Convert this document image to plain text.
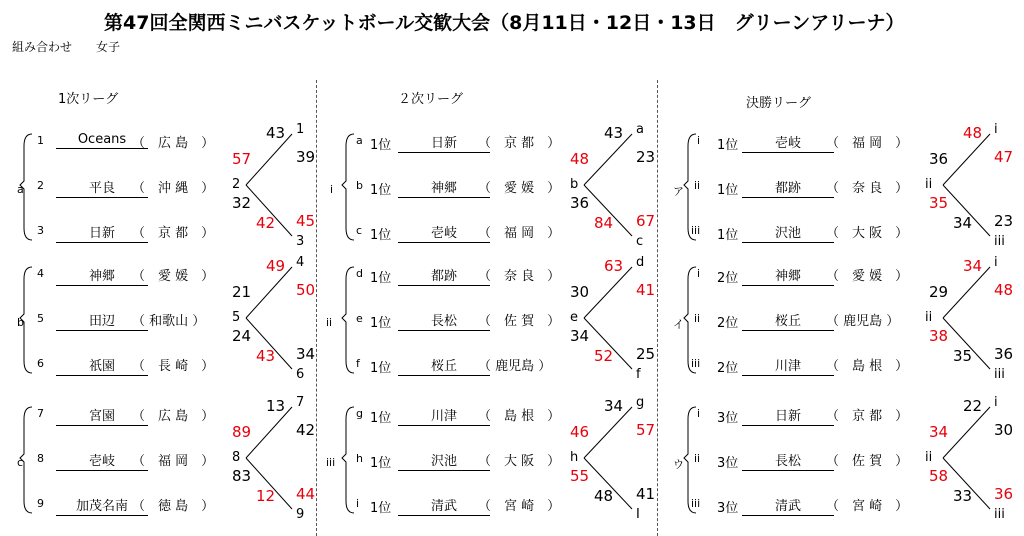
第47回全関西ミニバスケットボール交歓大会（8月11日・12日・13日　グリーンアリーナ）
組み合わせ　　女子
1次リーグ
a
1	Oceans （　広 島　）
2	平良	（　沖 縄　）
3	日新	（　京 都　）
1
2
3
43
39
57
32
42 45
b
4	神郷	（　愛 媛　）
5	田辺	（ 和歌山 ）
6	祇園	（　長 崎　）
4
5
6
49
50
21
24
43 34
c
7	宮園	（　広 島　）
8	壱岐	（　福 岡　）
9	加茂名南 （　徳 島　）
7
8
9
13
42
89
83
12 44
２次リーグ
i
a 1位	日新	（　京 都　）
b 1位	神郷	（　愛 媛　）
c 1位	壱岐	（　福 岡　）
a
b
c
43
23
48
36
84 67
ii
d 1位	都跡	（　奈 良　）
e 1位	長松	（　佐 賀　）
f 1位	桜丘	（ 鹿児島 ）
d
e
f
63
41
30
34
52 25
iii
g 1位	川津	（　島 根　）
h 1位	沢池	（　大 阪　）
i 1位	清武	（　宮 崎　）
g
h
I
34
57
46
55
48 41
決勝リーグ
ア
i 1位	壱岐	（　福 岡　）
ii 1位	都跡	（　奈 良　）
iii 1位	沢池	（　大 阪　）
i
ii
iii
48
47
36
35
34 23
イ
i 2位	神郷	（　愛 媛　）
ii 2位	桜丘	（ 鹿児島 ）
iii 2位	川津	（　島 根　）
i
ii
iii
34
48
29
38
35 36
ウ
i 3位	日新	（　京 都　）
ii 3位	長松	（　佐 賀　）
iii 3位	清武	（　宮 崎　）
i
ii
iii
22
30
34
58
33 36
